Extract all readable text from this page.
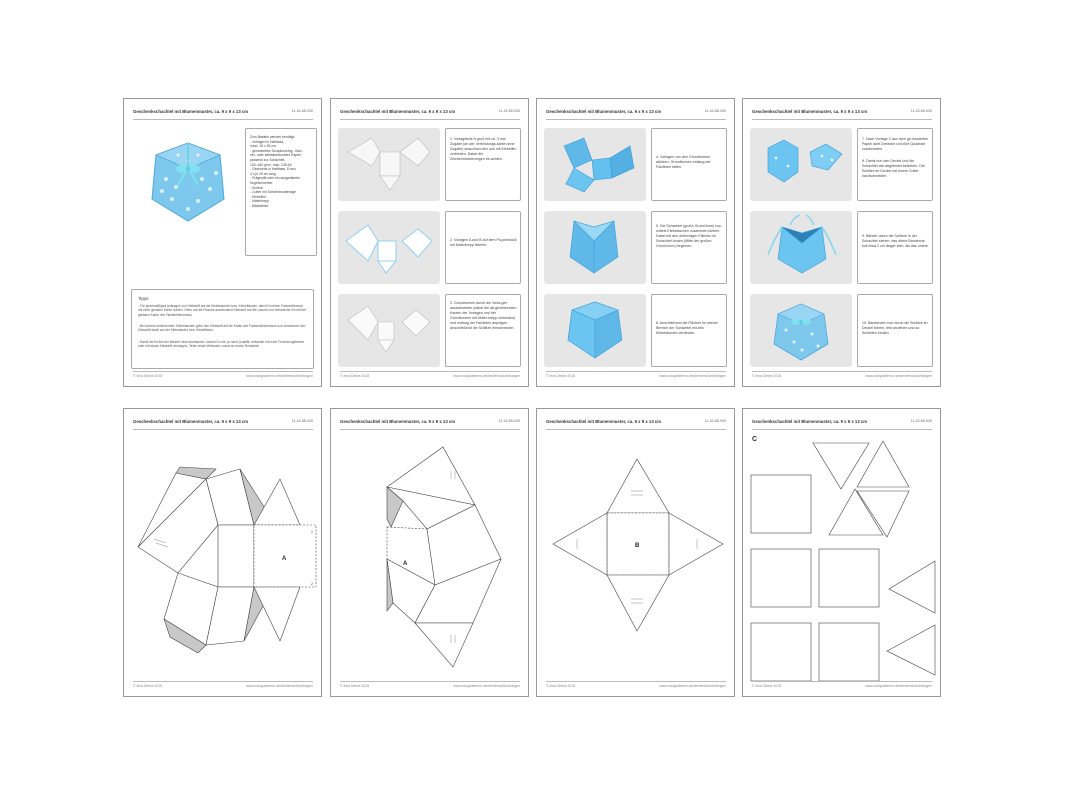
Geschenkschachtel mit Blumenmuster, ca. 9 x 9 x 13 cm	11-42-65-030
Zum Basteln werden benötigt:
- Vorlagen in Halbfass,
mind. 15 x 35 cm
- gemustertes Scrapbooking-, Ban-
ner- oder selbstbedrucktes Papier,
passend zur Schachtel,
120–160 g/m², max. C/B A4
- Geschenk in Halbfass, 8 mm,
4 x je 25 cm lang
- Prägestift oder ein ausgedienter
Kugelschreiber
- Schere
- Cutter mit Schneideunterlage
- Klebefilm
- Malerkrepp
- Alleskleber
Tipps:
- Für gleichmäßiges Auftragen von Klebstoff auf die Klebelaschen bzw. Klebeflächen: damit Du einen Falzstreifenmal mit einer geraden Kante nutzen. Gebe auf die Flasche ausreichend Klebstoff auf die Lasche und verstreiche ihn mit der geraden Kante des Falzstreifenmesss.
- Bei schmal zerkrümmten Klebelaschen gebe den Klebstoff auf die Kante des Falzstreifenmessus und verstreiche den Klebstoff damit auf der Klebelasche bzw. Klebefläche.
- Damit die Enden der Bänder nicht ausfransen, kannst Du sie, je nach Qualität, entweder mit einer Feuerzeugflamme oder mit etwas Klebstoff versiegeln. Teste beide Methoden zuerst an einem Reststück.
© Irina Dietze 2018	www.crazypatterns.net/de/items/Anleitungen
Geschenkschachtel mit Blumenmuster, ca. 9 x 9 x 13 cm	11-42-65-030
1. Vorlageteile A groß mit ca. 3 mm Zugabe (an der Verbindungs-kante ohne Zugabe) ausschnei-den und mit Klebefilm verbinden. Dabei die Zeichenmarkierungen be-achten.
2. Vorlagen A und B auf dem Pa-pierstück mit Malerkrepp fixieren.
3. Grundformen durch die Vorla-gen ausschneiden (dabei die ab-gezeichneten Kanten der Vorlagen und der Grundformen mit Maler-krepp verbinden) und entlang der Falzlinien anprägen. Anschließend die Schlitze einschneiden.
© Irina Dietze 2018	www.crazypatterns.net/de/items/Anleitungen
Geschenkschachtel mit Blumenmuster, ca. 9 x 9 x 13 cm	11-42-65-030
4. Vorlagen von den Grundformen ablösen. Grundformen entlang der Falzlinien falten.
5. Die Schachtel (große Grund-form) nun mittels Klebelaschen zusammen kleben. Dabei mit den dreieckigen Flächen im Schachtel-boden (Mitte der großen Grund-form) beginnen.
6. Anschließend die Flächen im oberen Bereich der Schachtel mit-tels Klebelaschen verbinden.
© Irina Dietze 2018	www.crazypatterns.net/de/items/Anleitungen
Geschenkschachtel mit Blumenmuster, ca. 9 x 9 x 13 cm	11-42-65-030
7. Nach Vorlage C aus dem ge-musterten Papier acht Dreiecke und fünf Quadrate zuschneiden.
8. Damit nun den Deckel und die Schachtel wie abgebildet bekleben. Die Schlitze im Deckel mit einem Cutter nachschneiden.
9. Bänder durch die Schlitze in der Schachtel ziehen, das obere Bandende soll etwa 2 cm länger sein, als das untere.
10. Bandenden nun durch die Schlitze im Deckel führen, fest anziehen und zu Schleifen binden
© Irina Dietze 2018	www.crazypatterns.net/de/items/Anleitungen
Geschenkschachtel mit Blumenmuster, ca. 9 x 9 x 13 cm	11-42-65-030
A
1
2
© Irina Dietze 2018	www.crazypatterns.net/de/items/Anleitungen
Geschenkschachtel mit Blumenmuster, ca. 9 x 9 x 13 cm	11-42-65-030
A
© Irina Dietze 2018	www.crazypatterns.net/de/items/Anleitungen
Geschenkschachtel mit Blumenmuster, ca. 9 x 9 x 13 cm	11-42-65-030
B
© Irina Dietze 2018	www.crazypatterns.net/de/items/Anleitungen
Geschenkschachtel mit Blumenmuster, ca. 9 x 9 x 13 cm	11-42-65-030
C
© Irina Dietze 2018	www.crazypatterns.net/de/items/Anleitungen
